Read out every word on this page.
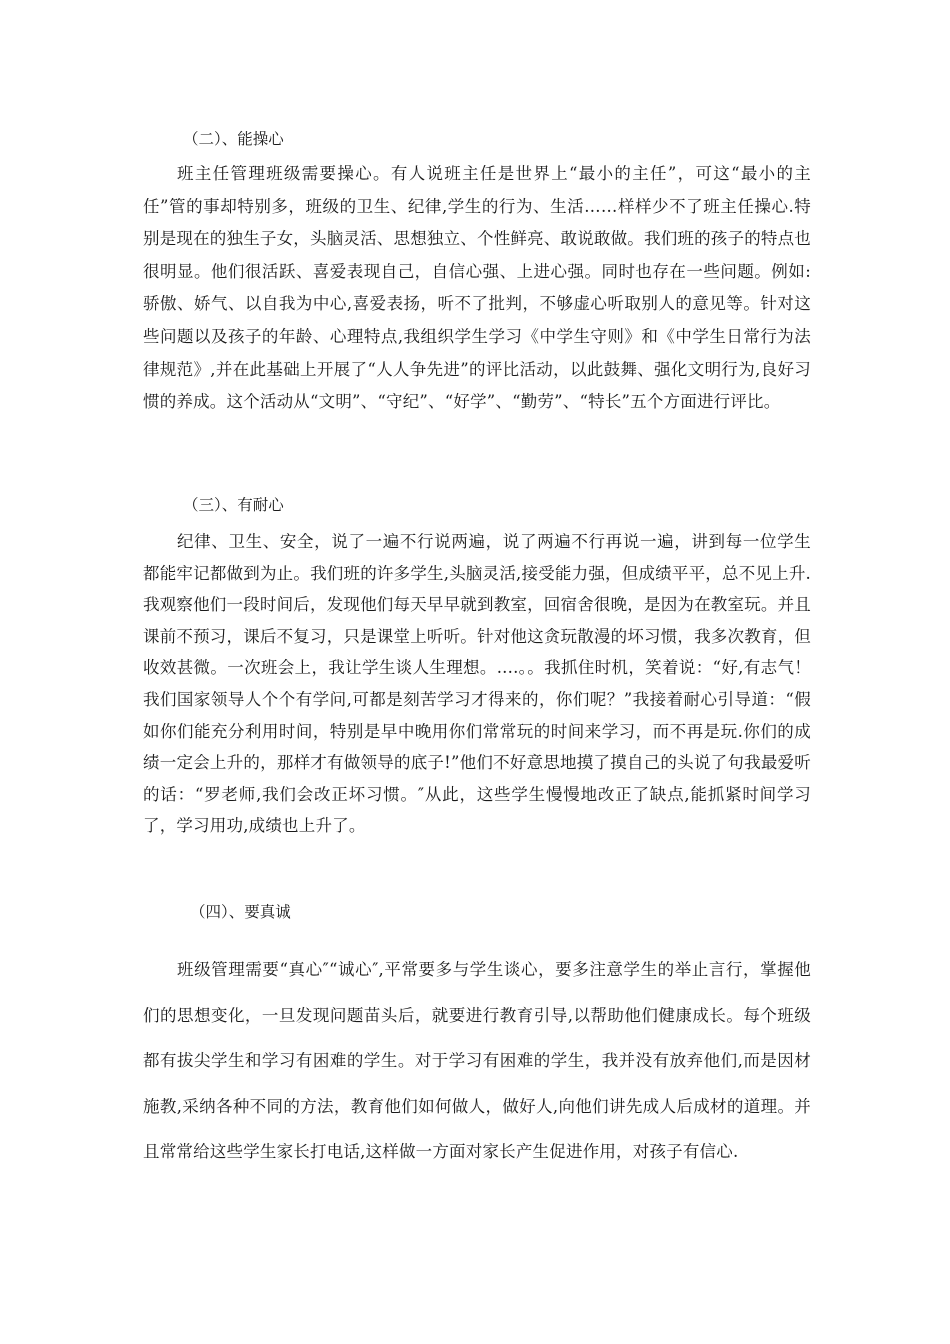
（二）、能操心

班主任管理班级需要操心。有人说班主任是世界上“最小的主任”，可这“最小的主任”管的事却特别多，班级的卫生、纪律,学生的行为、生活……样样少不了班主任操心.特别是现在的独生子女，头脑灵活、思想独立、个性鲜亮、敢说敢做。我们班的孩子的特点也很明显。他们很活跃、喜爱表现自己，自信心强、上进心强。同时也存在一些问题。例如:骄傲、娇气、以自我为中心,喜爱表扬，听不了批判，不够虚心听取别人的意见等。针对这些问题以及孩子的年龄、心理特点,我组织学生学习《中学生守则》和《中学生日常行为法律规范》,并在此基础上开展了“人人争先进”的评比活动，以此鼓舞、强化文明行为,良好习惯的养成。这个活动从“文明”、“守纪”、“好学”、“勤劳”、“特长”五个方面进行评比。

（三）、有耐心

纪律、卫生、安全，说了一遍不行说两遍，说了两遍不行再说一遍，讲到每一位学生都能牢记都做到为止。我们班的许多学生,头脑灵活,接受能力强，但成绩平平，总不见上升.我观察他们一段时间后，发现他们每天早早就到教室，回宿舍很晚，是因为在教室玩。并且课前不预习，课后不复习，只是课堂上听听。针对他这贪玩散漫的坏习惯，我多次教育，但收效甚微。一次班会上，我让学生谈人生理想。....。。我抓住时机，笑着说：“好,有志气！我们国家领导人个个有学问,可都是刻苦学习才得来的，你们呢？”我接着耐心引导道：“假如你们能充分利用时间，特别是早中晚用你们常常玩的时间来学习，而不再是玩.你们的成绩一定会上升的，那样才有做领导的底子!”他们不好意思地摸了摸自己的头说了句我最爱听的话：“罗老师,我们会改正坏习惯。″从此，这些学生慢慢地改正了缺点,能抓紧时间学习了，学习用功,成绩也上升了。

（四）、要真诚

班级管理需要“真心″“诚心″,平常要多与学生谈心，要多注意学生的举止言行，掌握他们的思想变化，一旦发现问题苗头后，就要进行教育引导,以帮助他们健康成长。每个班级都有拔尖学生和学习有困难的学生。对于学习有困难的学生，我并没有放弃他们,而是因材施教,采纳各种不同的方法，教育他们如何做人，做好人,向他们讲先成人后成材的道理。并且常常给这些学生家长打电话,这样做一方面对家长产生促进作用，对孩子有信心.
